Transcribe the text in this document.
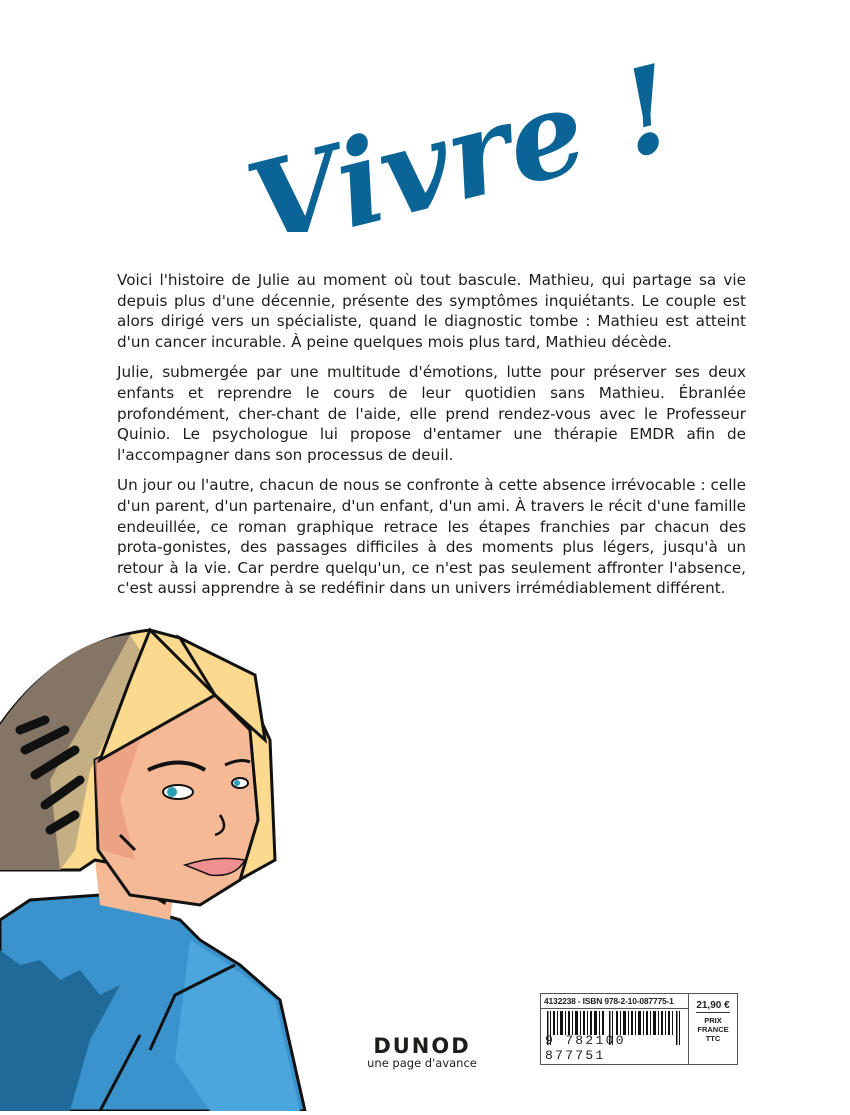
Vivre !

Voici l'histoire de Julie au moment où tout bascule. Mathieu, qui partage sa vie depuis plus d'une décennie, présente des symptômes inquiétants. Le couple est alors dirigé vers un spécialiste, quand le diagnostic tombe : Mathieu est atteint d'un cancer incurable. À peine quelques mois plus tard, Mathieu décède.

Julie, submergée par une multitude d'émotions, lutte pour préserver ses deux enfants et reprendre le cours de leur quotidien sans Mathieu. Ébranlée profondément, cher-chant de l'aide, elle prend rendez-vous avec le Professeur Quinio. Le psychologue lui propose d'entamer une thérapie EMDR afin de l'accompagner dans son processus de deuil.

Un jour ou l'autre, chacun de nous se confronte à cette absence irrévocable : celle d'un parent, d'un partenaire, d'un enfant, d'un ami. À travers le récit d'une famille endeuillée, ce roman graphique retrace les étapes franchies par chacun des prota-gonistes, des passages difficiles à des moments plus légers, jusqu'à un retour à la vie. Car perdre quelqu'un, ce n'est pas seulement affronter l'absence, c'est aussi apprendre à se redéfinir dans un univers irrémédiablement différent.

DUNOD
une page d'avance
4132238 - ISBN 978-2-10-087775-1
9 782100 877751
21,90 €
PRIX
FRANCE
TTC
